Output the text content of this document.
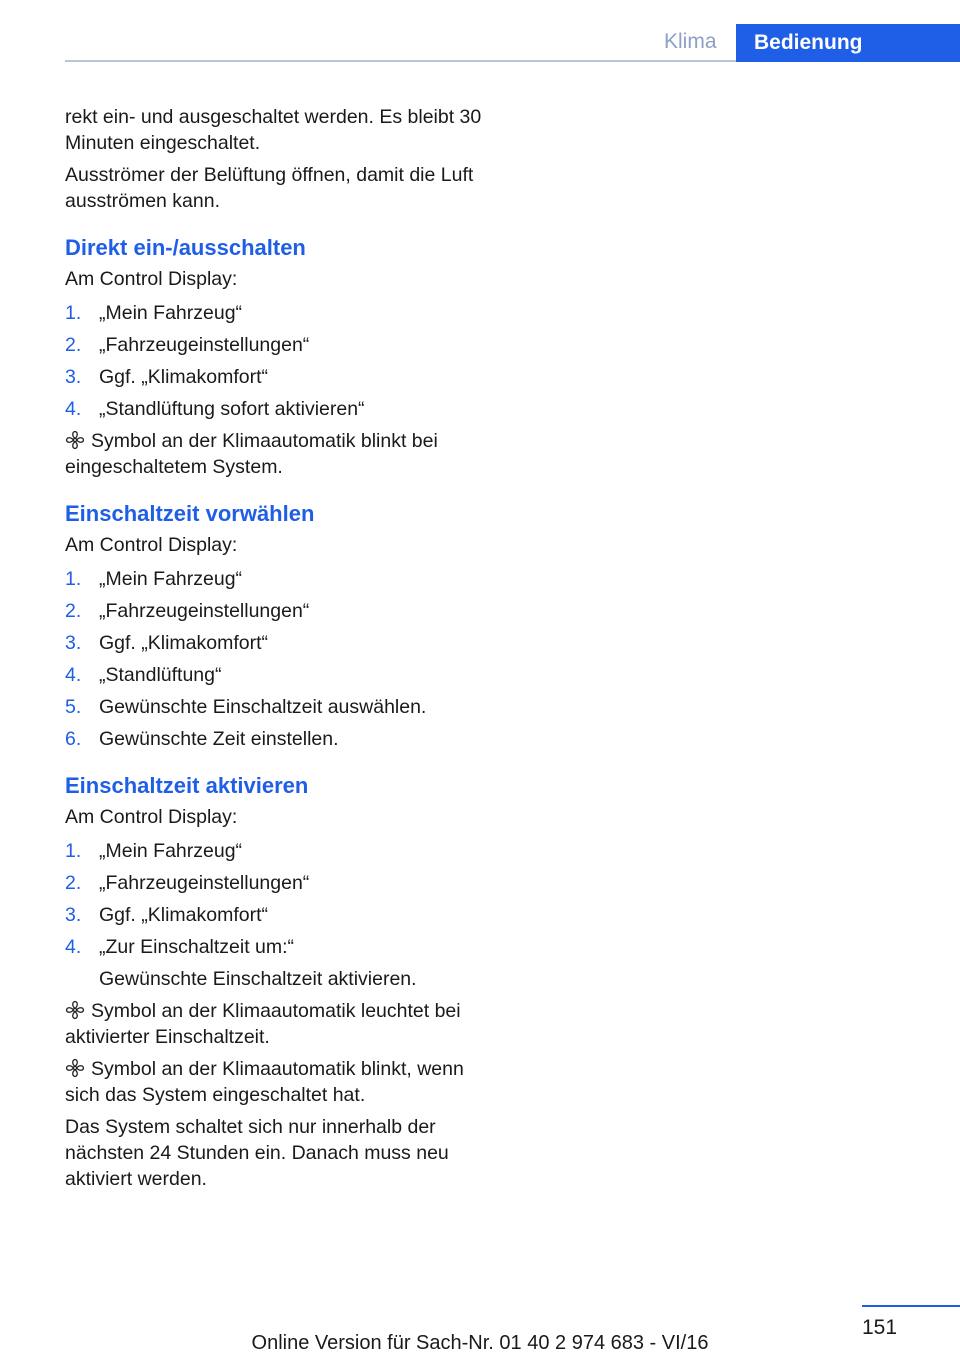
Klima	Bedienung

rekt ein- und ausgeschaltet werden. Es bleibt 30 Minuten eingeschaltet.

Ausströmer der Belüftung öffnen, damit die Luft ausströmen kann.

Direkt ein-/ausschalten

Am Control Display:

1. „Mein Fahrzeug“
2. „Fahrzeugeinstellungen“
3. Ggf. „Klimakomfort“
4. „Standlüftung sofort aktivieren“

Symbol an der Klimaautomatik blinkt bei eingeschaltetem System.

Einschaltzeit vorwählen

Am Control Display:

1. „Mein Fahrzeug“
2. „Fahrzeugeinstellungen“
3. Ggf. „Klimakomfort“
4. „Standlüftung“
5. Gewünschte Einschaltzeit auswählen.
6. Gewünschte Zeit einstellen.
Einschaltzeit aktivieren

Am Control Display:

1. „Mein Fahrzeug“
2. „Fahrzeugeinstellungen“
3. Ggf. „Klimakomfort“
4. „Zur Einschaltzeit um:“
Gewünschte Einschaltzeit aktivieren.

Symbol an der Klimaautomatik leuchtet bei aktivierter Einschaltzeit.

Symbol an der Klimaautomatik blinkt, wenn sich das System eingeschaltet hat.

Das System schaltet sich nur innerhalb der nächsten 24 Stunden ein. Danach muss neu aktiviert werden.

151
Online Version für Sach-Nr. 01 40 2 974 683 - VI/16
